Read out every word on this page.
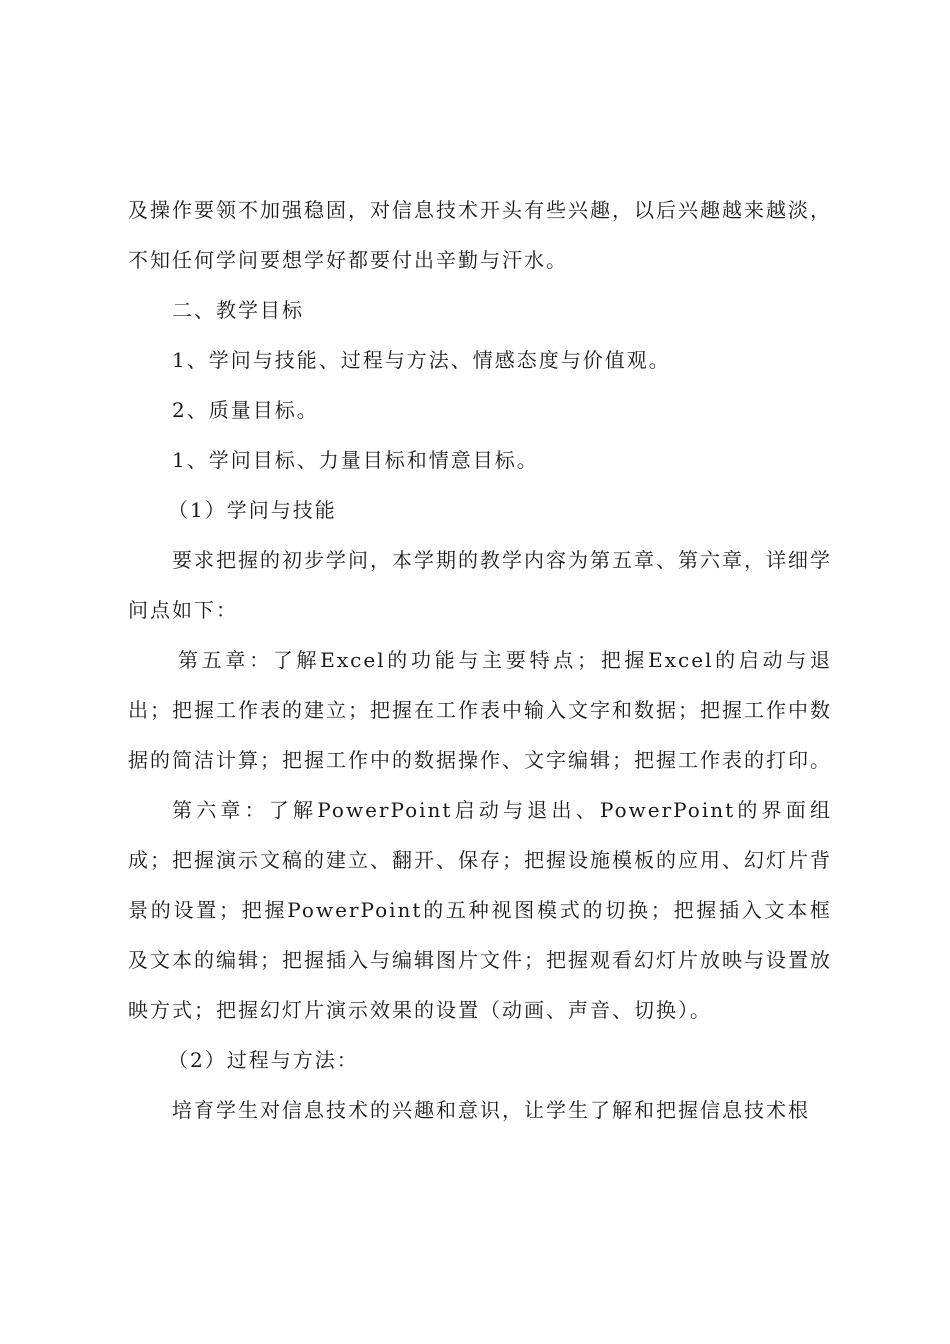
及操作要领不加强稳固，对信息技术开头有些兴趣，以后兴趣越来越淡，不知任何学问要想学好都要付出辛勤与汗水。

二、教学目标

1、学问与技能、过程与方法、情感态度与价值观。

2、质量目标。

1、学问目标、力量目标和情意目标。

（1）学问与技能

要求把握的初步学问，本学期的教学内容为第五章、第六章，详细学问点如下：

第五章：了解Excel的功能与主要特点；把握Excel的启动与退出；把握工作表的建立；把握在工作表中输入文字和数据；把握工作中数据的简洁计算；把握工作中的数据操作、文字编辑；把握工作表的打印。

第六章：了解PowerPoint启动与退出、PowerPoint的界面组成；把握演示文稿的建立、翻开、保存；把握设施模板的应用、幻灯片背景的设置；把握PowerPoint的五种视图模式的切换；把握插入文本框及文本的编辑；把握插入与编辑图片文件；把握观看幻灯片放映与设置放映方式；把握幻灯片演示效果的设置（动画、声音、切换）。

（2）过程与方法：

培育学生对信息技术的兴趣和意识，让学生了解和把握信息技术根
